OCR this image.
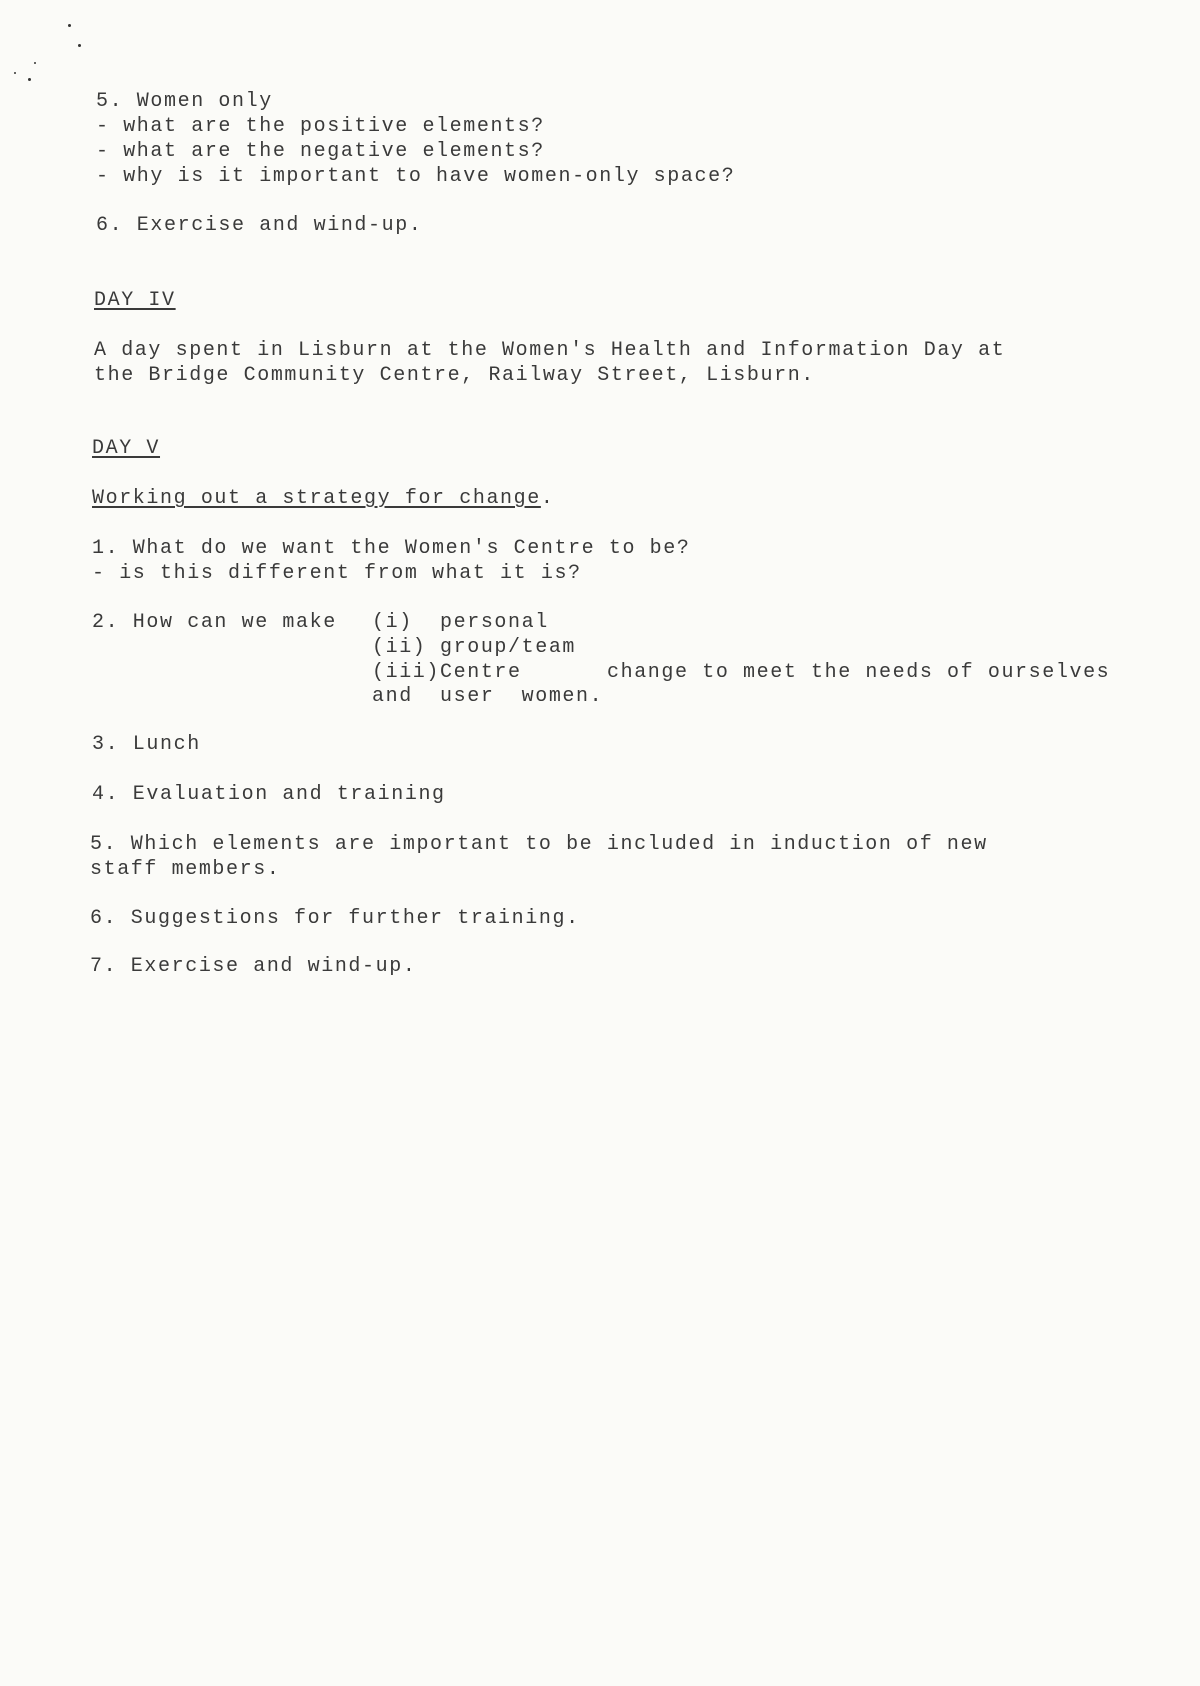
5. Women only
- what are the positive elements?
- what are the negative elements?
- why is it important to have women-only space?
6. Exercise and wind-up.
DAY IV
A day spent in Lisburn at the Women's Health and Information Day at
the Bridge Community Centre, Railway Street, Lisburn.
DAY V
Working out a strategy for change.
1. What do we want the Women's Centre to be?
- is this different from what it is?
2. How can we make (i)  personal
(ii) group/team
(iii)Centre	change to meet the needs of ourselves
and  user  women.
3. Lunch
4. Evaluation and training
5. Which elements are important to be included in induction of new
staff members.
6. Suggestions for further training.
7. Exercise and wind-up.
